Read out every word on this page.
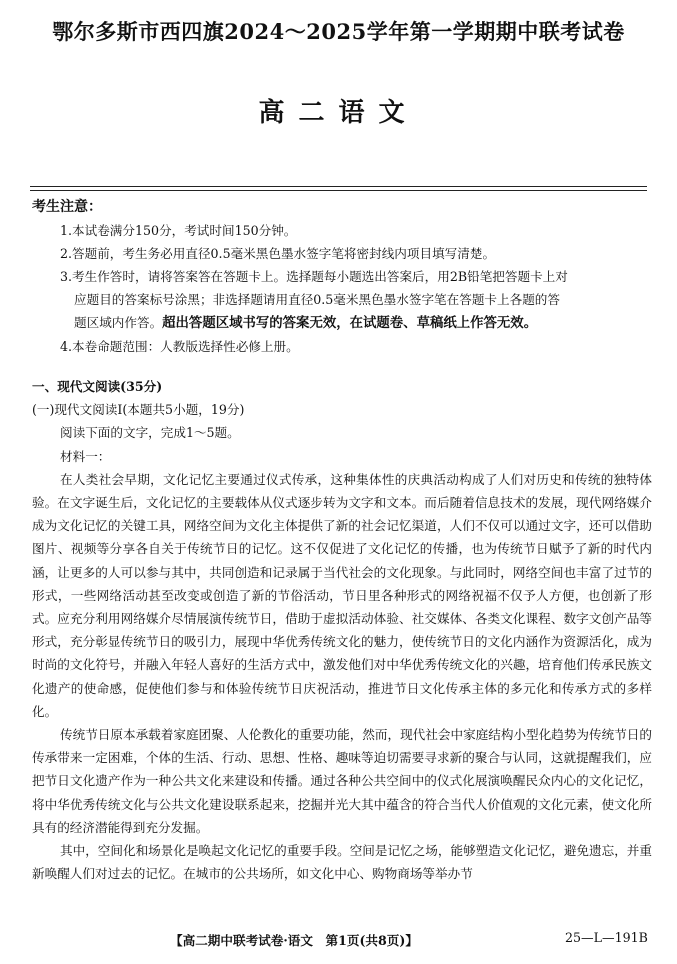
鄂尔多斯市西四旗2024～2025学年第一学期期中联考试卷
高二语文
考生注意：

1.本试卷满分150分，考试时间150分钟。

2.答题前，考生务必用直径0.5毫米黑色墨水签字笔将密封线内项目填写清楚。

3.考生作答时，请将答案答在答题卡上。选择题每小题选出答案后，用2B铅笔把答题卡上对

应题目的答案标号涂黑；非选择题请用直径0.5毫米黑色墨水签字笔在答题卡上各题的答

题区域内作答。超出答题区域书写的答案无效，在试题卷、草稿纸上作答无效。

4.本卷命题范围：人教版选择性必修上册。

一、现代文阅读(35分)

(一)现代文阅读Ⅰ(本题共5小题，19分)

阅读下面的文字，完成1～5题。

材料一：

在人类社会早期，文化记忆主要通过仪式传承，这种集体性的庆典活动构成了人们对历史和传统的独特体验。在文字诞生后，文化记忆的主要载体从仪式逐步转为文字和文本。而后随着信息技术的发展，现代网络媒介成为文化记忆的关键工具，网络空间为文化主体提供了新的社会记忆渠道，人们不仅可以通过文字，还可以借助图片、视频等分享各自关于传统节日的记忆。这不仅促进了文化记忆的传播，也为传统节日赋予了新的时代内涵，让更多的人可以参与其中，共同创造和记录属于当代社会的文化现象。与此同时，网络空间也丰富了过节的形式，一些网络活动甚至改变或创造了新的节俗活动，节日里各种形式的网络祝福不仅予人方便，也创新了形式。应充分利用网络媒介尽情展演传统节日，借助于虚拟活动体验、社交媒体、各类文化课程、数字文创产品等形式，充分彰显传统节日的吸引力，展现中华优秀传统文化的魅力，使传统节日的文化内涵作为资源活化，成为时尚的文化符号，并融入年轻人喜好的生活方式中，激发他们对中华优秀传统文化的兴趣，培育他们传承民族文化遗产的使命感，促使他们参与和体验传统节日庆祝活动，推进节日文化传承主体的多元化和传承方式的多样化。

传统节日原本承载着家庭团聚、人伦教化的重要功能，然而，现代社会中家庭结构小型化趋势为传统节日的传承带来一定困难，个体的生活、行动、思想、性格、趣味等迫切需要寻求新的聚合与认同，这就提醒我们，应把节日文化遗产作为一种公共文化来建设和传播。通过各种公共空间中的仪式化展演唤醒民众内心的文化记忆，将中华优秀传统文化与公共文化建设联系起来，挖掘并光大其中蕴含的符合当代人价值观的文化元素，使文化所具有的经济潜能得到充分发掘。

其中，空间化和场景化是唤起文化记忆的重要手段。空间是记忆之场，能够塑造文化记忆，避免遗忘，并重新唤醒人们对过去的记忆。在城市的公共场所，如文化中心、购物商场等举办节

【高二期中联考试卷·语文　第1页(共8页)】	25—L—191B
